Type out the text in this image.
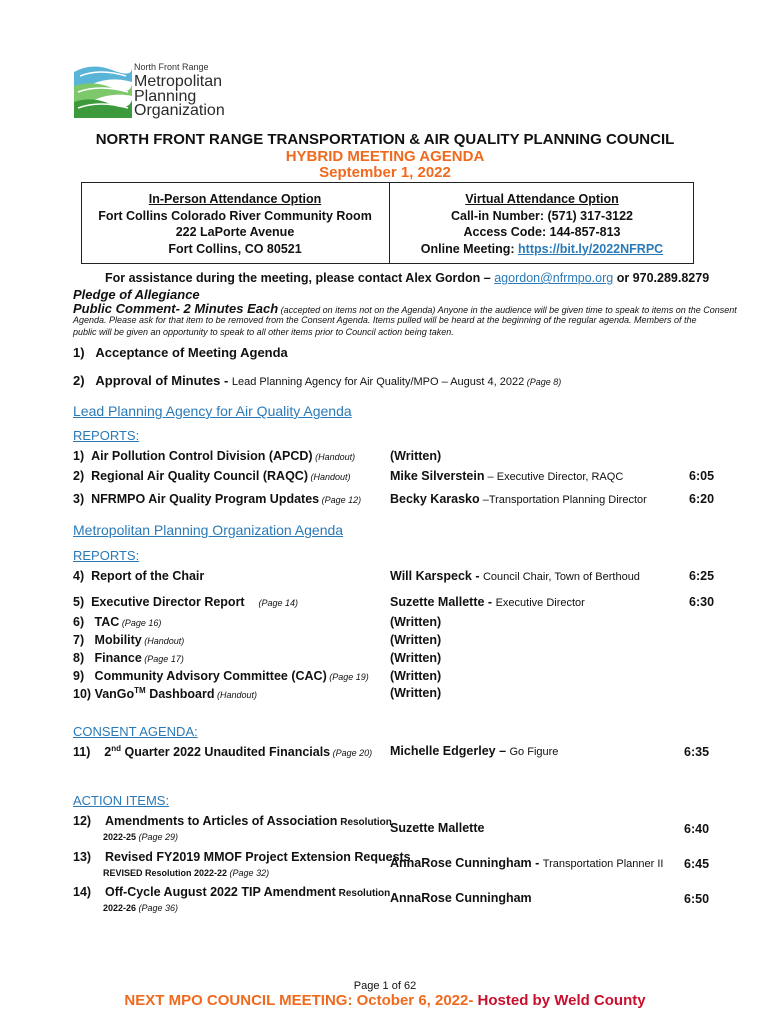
North Front Range
Metropolitan
Planning
Organization
NORTH FRONT RANGE TRANSPORTATION & AIR QUALITY PLANNING COUNCIL
HYBRID MEETING AGENDA
September 1, 2022
In-Person Attendance Option
Fort Collins Colorado River Community Room
222 LaPorte Avenue
Fort Collins, CO 80521
Virtual Attendance Option
Call-in Number: (571) 317-3122
Access Code: 144-857-813
Online Meeting: https://bit.ly/2022NFRPC
For assistance during the meeting, please contact Alex Gordon – agordon@nfrmpo.org or 970.289.8279
Pledge of Allegiance
Public Comment- 2 Minutes Each (accepted on items not on the Agenda) Anyone in the audience will be given time to speak to items on the Consent
Agenda. Please ask for that item to be removed from the Consent Agenda. Items pulled will be heard at the beginning of the regular agenda. Members of the
public will be given an opportunity to speak to all other items prior to Council action being taken.
1) Acceptance of Meeting Agenda
2) Approval of Minutes - Lead Planning Agency for Air Quality/MPO – August 4, 2022 (Page 8)
Lead Planning Agency for Air Quality Agenda
REPORTS:
1) Air Pollution Control Division (APCD) (Handout)	(Written)
2) Regional Air Quality Council (RAQC) (Handout)	Mike Silverstein – Executive Director, RAQC	6:05
3) NFRMPO Air Quality Program Updates (Page 12) Becky Karasko –Transportation Planning Director	6:20
Metropolitan Planning Organization Agenda
REPORTS:
4) Report of the Chair	Will Karspeck - Council Chair, Town of Berthoud	6:25
5) Executive Director Report (Page 14)	Suzette Mallette - Executive Director	6:30
6) TAC (Page 16)	(Written)
7) Mobility (Handout)	(Written)
8) Finance (Page 17)	(Written)
9) Community Advisory Committee (CAC) (Page 19) (Written)
10) VanGo™ Dashboard (Handout)	(Written)
CONSENT AGENDA:
11) 2nd Quarter 2022 Unaudited Financials (Page 20) Michelle Edgerley – Go Figure	6:35
ACTION ITEMS:
12) Amendments to Articles of Association Resolution
2022-25 (Page 29)
Suzette Mallette	6:40
13) Revised FY2019 MMOF Project Extension Requests
REVISED Resolution 2022-22 (Page 32)
AnnaRose Cunningham - Transportation Planner II 6:45
14) Off-Cycle August 2022 TIP Amendment Resolution
2022-26 (Page 36)
AnnaRose Cunningham	6:50
Page 1 of 62
NEXT MPO COUNCIL MEETING: October 6, 2022- Hosted by Weld County
